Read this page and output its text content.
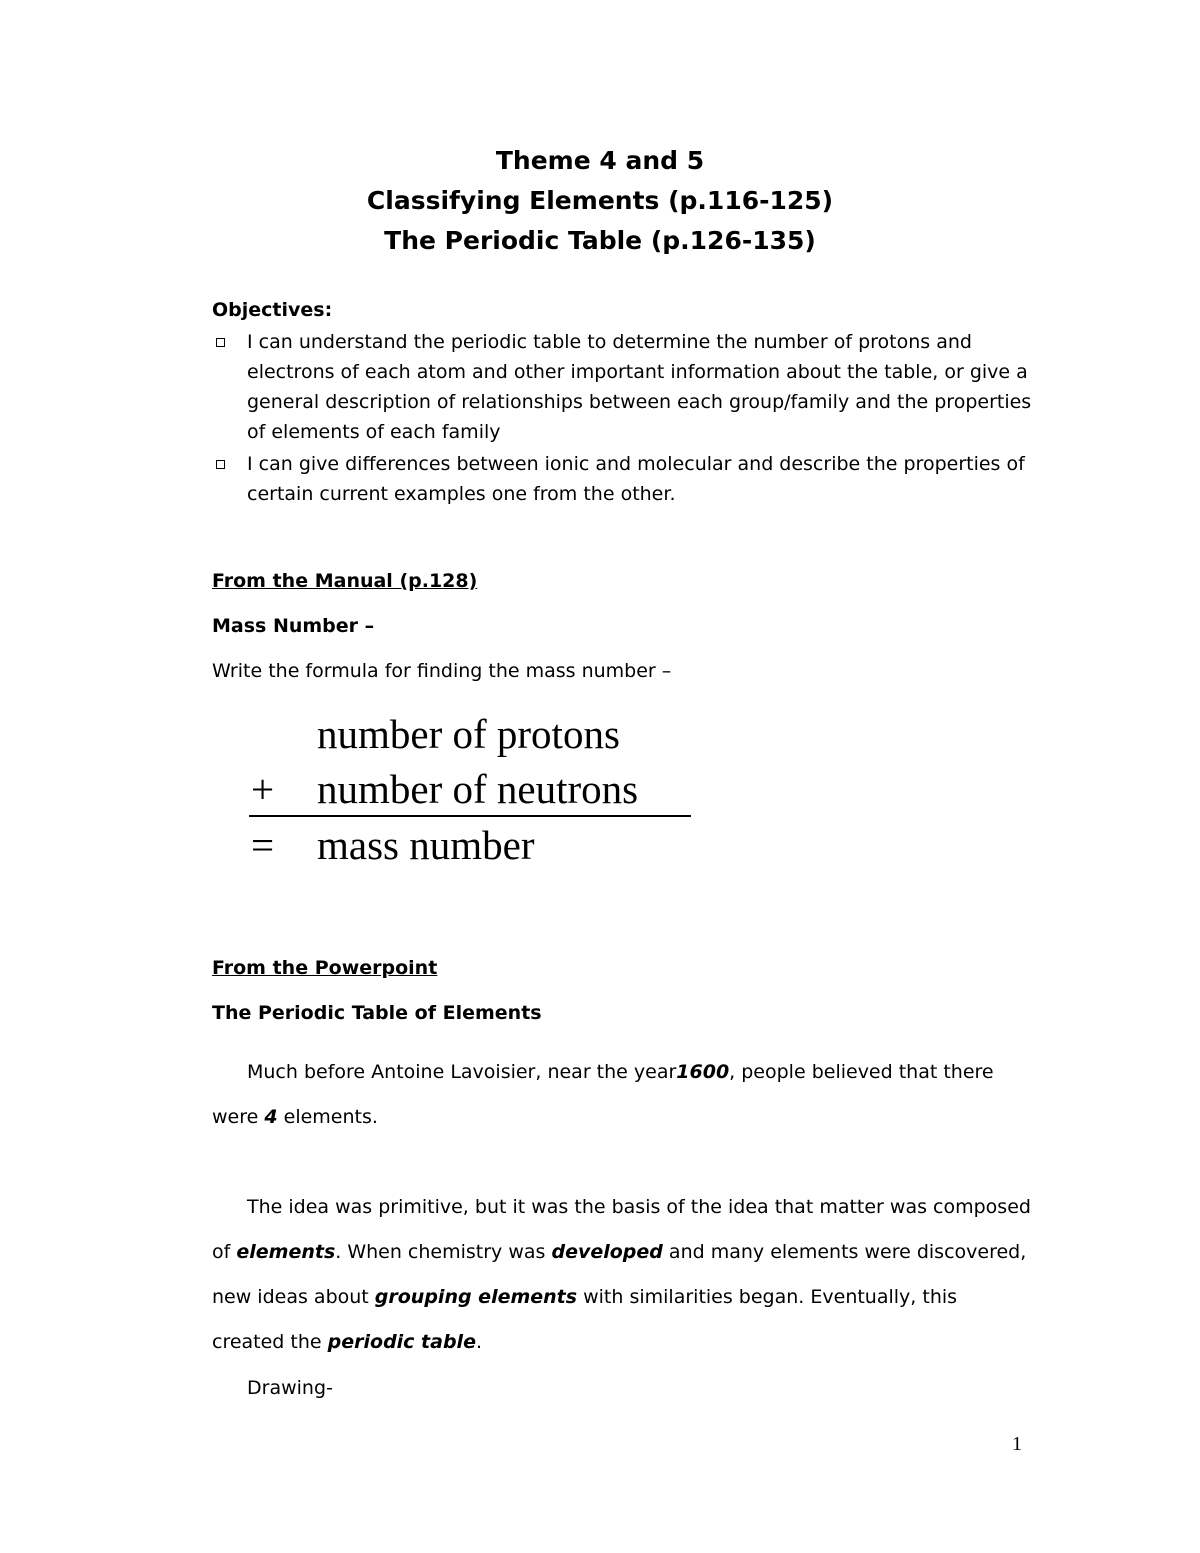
Theme 4 and 5
Classifying Elements (p.116-125)
The Periodic Table (p.126-135)
Objectives:
I can understand the periodic table to determine the number of protons and electrons of each atom and other important information about the table, or give a general description of relationships between each group/family and the properties of elements of each family
I can give differences between ionic and molecular and describe the properties of certain current examples one from the other.
From the Manual (p.128)
Mass Number –
Write the formula for finding the mass number –
number of protons
+	number of neutrons
=	mass number
From the Powerpoint
The Periodic Table of Elements

Much before Antoine Lavoisier, near the year1600, people believed that there were 4 elements.

The idea was primitive, but it was the basis of the idea that matter was composed of elements. When chemistry was developed and many elements were discovered, new ideas about grouping elements with similarities began. Eventually, this created the periodic table.

Drawing-

1
